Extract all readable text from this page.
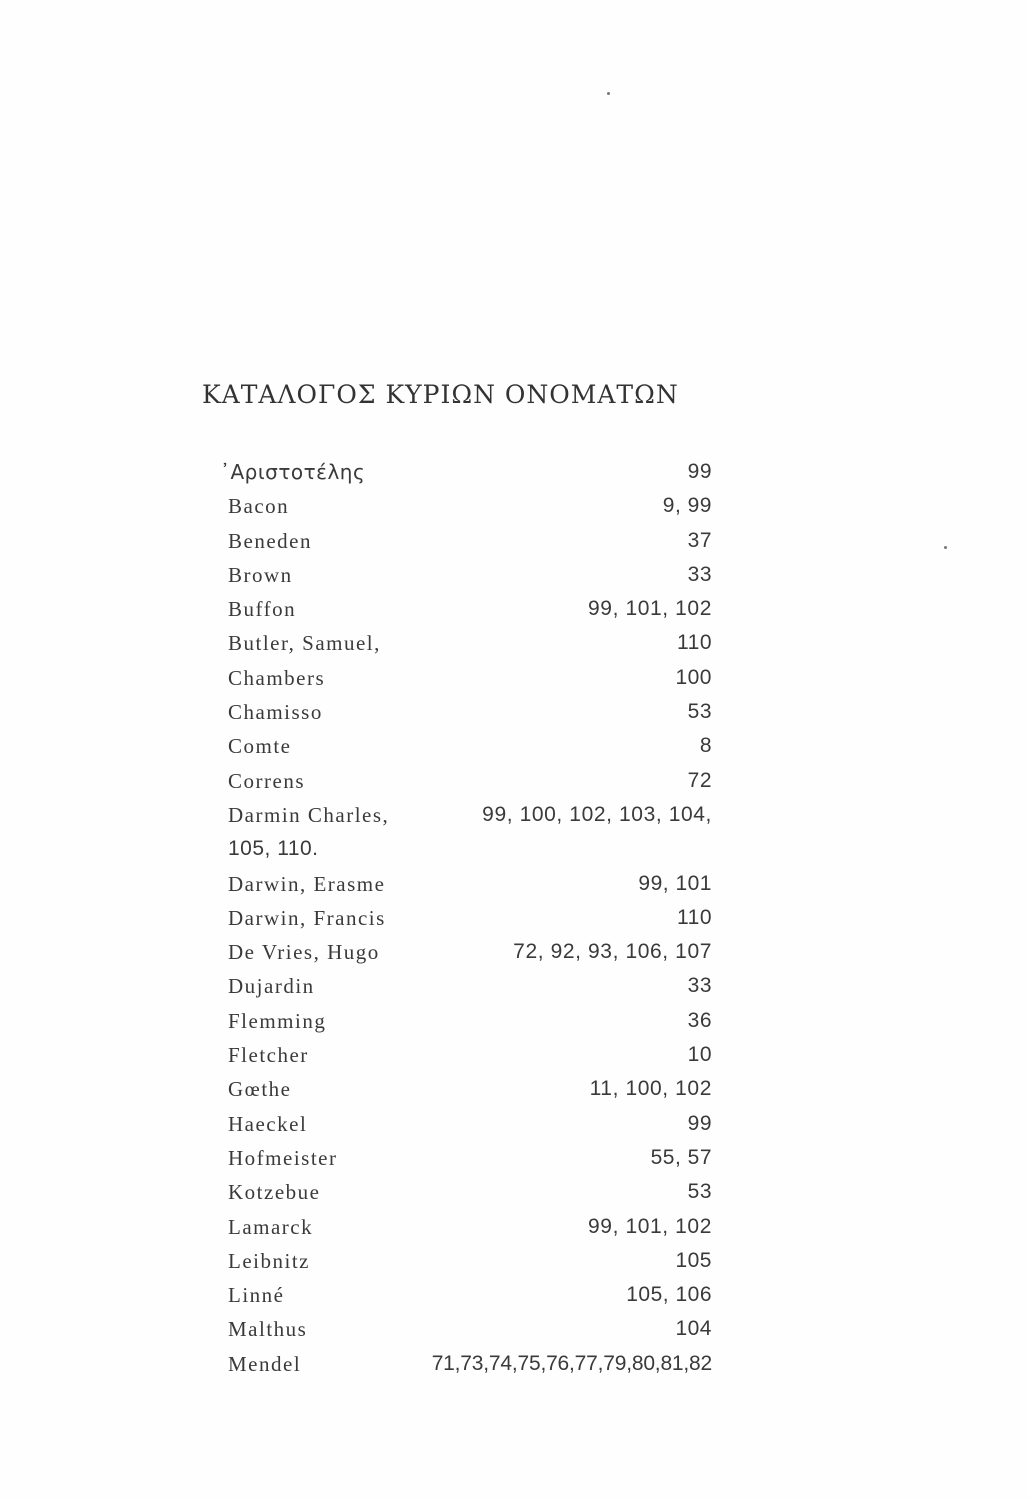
ΚΑΤΑΛΟΓΟΣ ΚΥΡΙΩΝ ΟΝΟΜΑΤΩΝ
᾿Αριστοτέλης	99
Bacon	9, 99
Beneden	37
Brown	33
Buffon	99, 101, 102
Butler, Samuel,	110
Chambers	100
Chamisso	53
Comte	8
Correns	72
Darmin Charles,	99, 100, 102, 103, 104,
105, 110.
Darwin, Erasme	99, 101
Darwin, Francis	110
De Vries, Hugo	72, 92, 93, 106, 107
Dujardin	33
Flemming	36
Fletcher	10
Gœthe	11, 100, 102
Haeckel	99
Hofmeister	55, 57
Kotzebue	53
Lamarck	99, 101, 102
Leibnitz	105
Linné	105, 106
Malthus	104
Mendel	71,73,74,75,76,77,79,80,81,82
